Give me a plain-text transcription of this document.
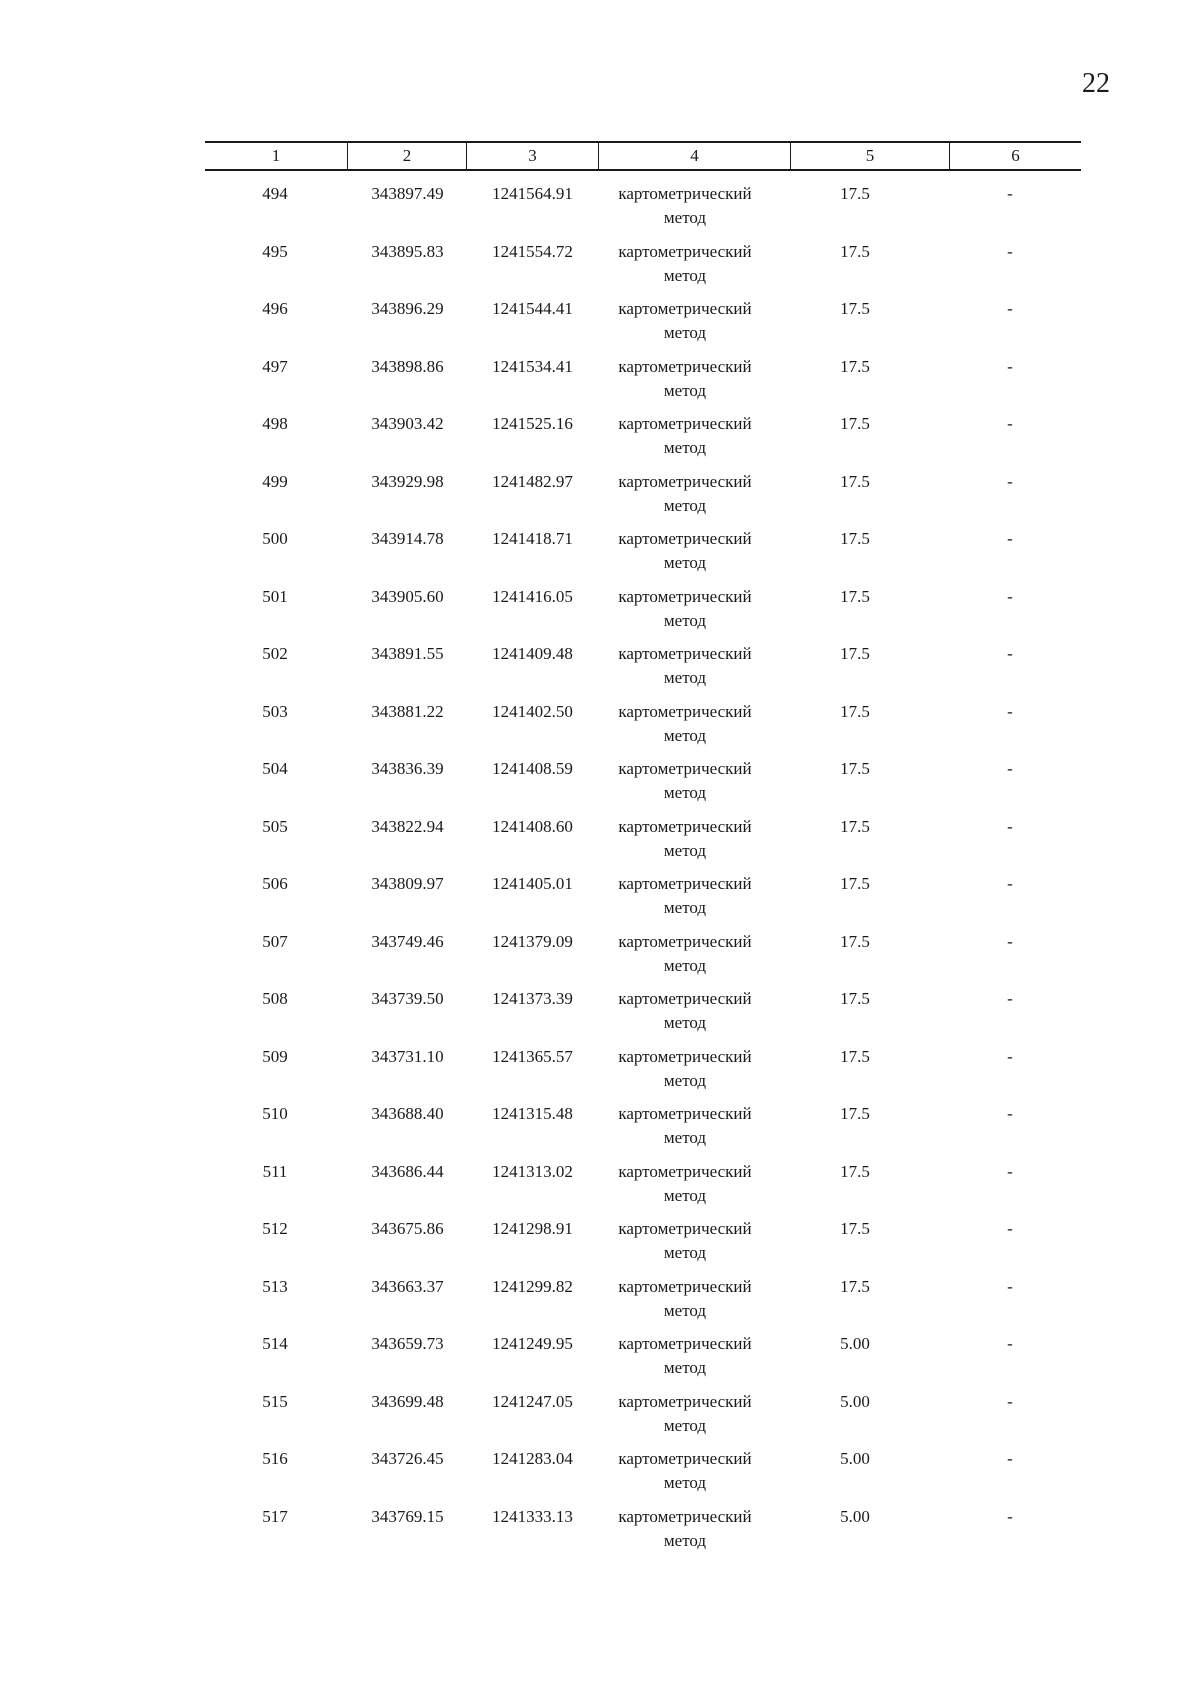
22
1	2	3	4	5	6
494	343897.49	1241564.91	картометрический
метод
17.5	-
495	343895.83	1241554.72	картометрический
метод
17.5	-
496	343896.29	1241544.41	картометрический
метод
17.5	-
497	343898.86	1241534.41	картометрический
метод
17.5	-
498	343903.42	1241525.16	картометрический
метод
17.5	-
499	343929.98	1241482.97	картометрический
метод
17.5	-
500	343914.78	1241418.71	картометрический
метод
17.5	-
501	343905.60	1241416.05	картометрический
метод
17.5	-
502	343891.55	1241409.48	картометрический
метод
17.5	-
503	343881.22	1241402.50	картометрический
метод
17.5	-
504	343836.39	1241408.59	картометрический
метод
17.5	-
505	343822.94	1241408.60	картометрический
метод
17.5	-
506	343809.97	1241405.01	картометрический
метод
17.5	-
507	343749.46	1241379.09	картометрический
метод
17.5	-
508	343739.50	1241373.39	картометрический
метод
17.5	-
509	343731.10	1241365.57	картометрический
метод
17.5	-
510	343688.40	1241315.48	картометрический
метод
17.5	-
511	343686.44	1241313.02	картометрический
метод
17.5	-
512	343675.86	1241298.91	картометрический
метод
17.5	-
513	343663.37	1241299.82	картометрический
метод
17.5	-
514	343659.73	1241249.95	картометрический
метод
5.00	-
515	343699.48	1241247.05	картометрический
метод
5.00	-
516	343726.45	1241283.04	картометрический
метод
5.00	-
517	343769.15	1241333.13	картометрический
метод
5.00	-
